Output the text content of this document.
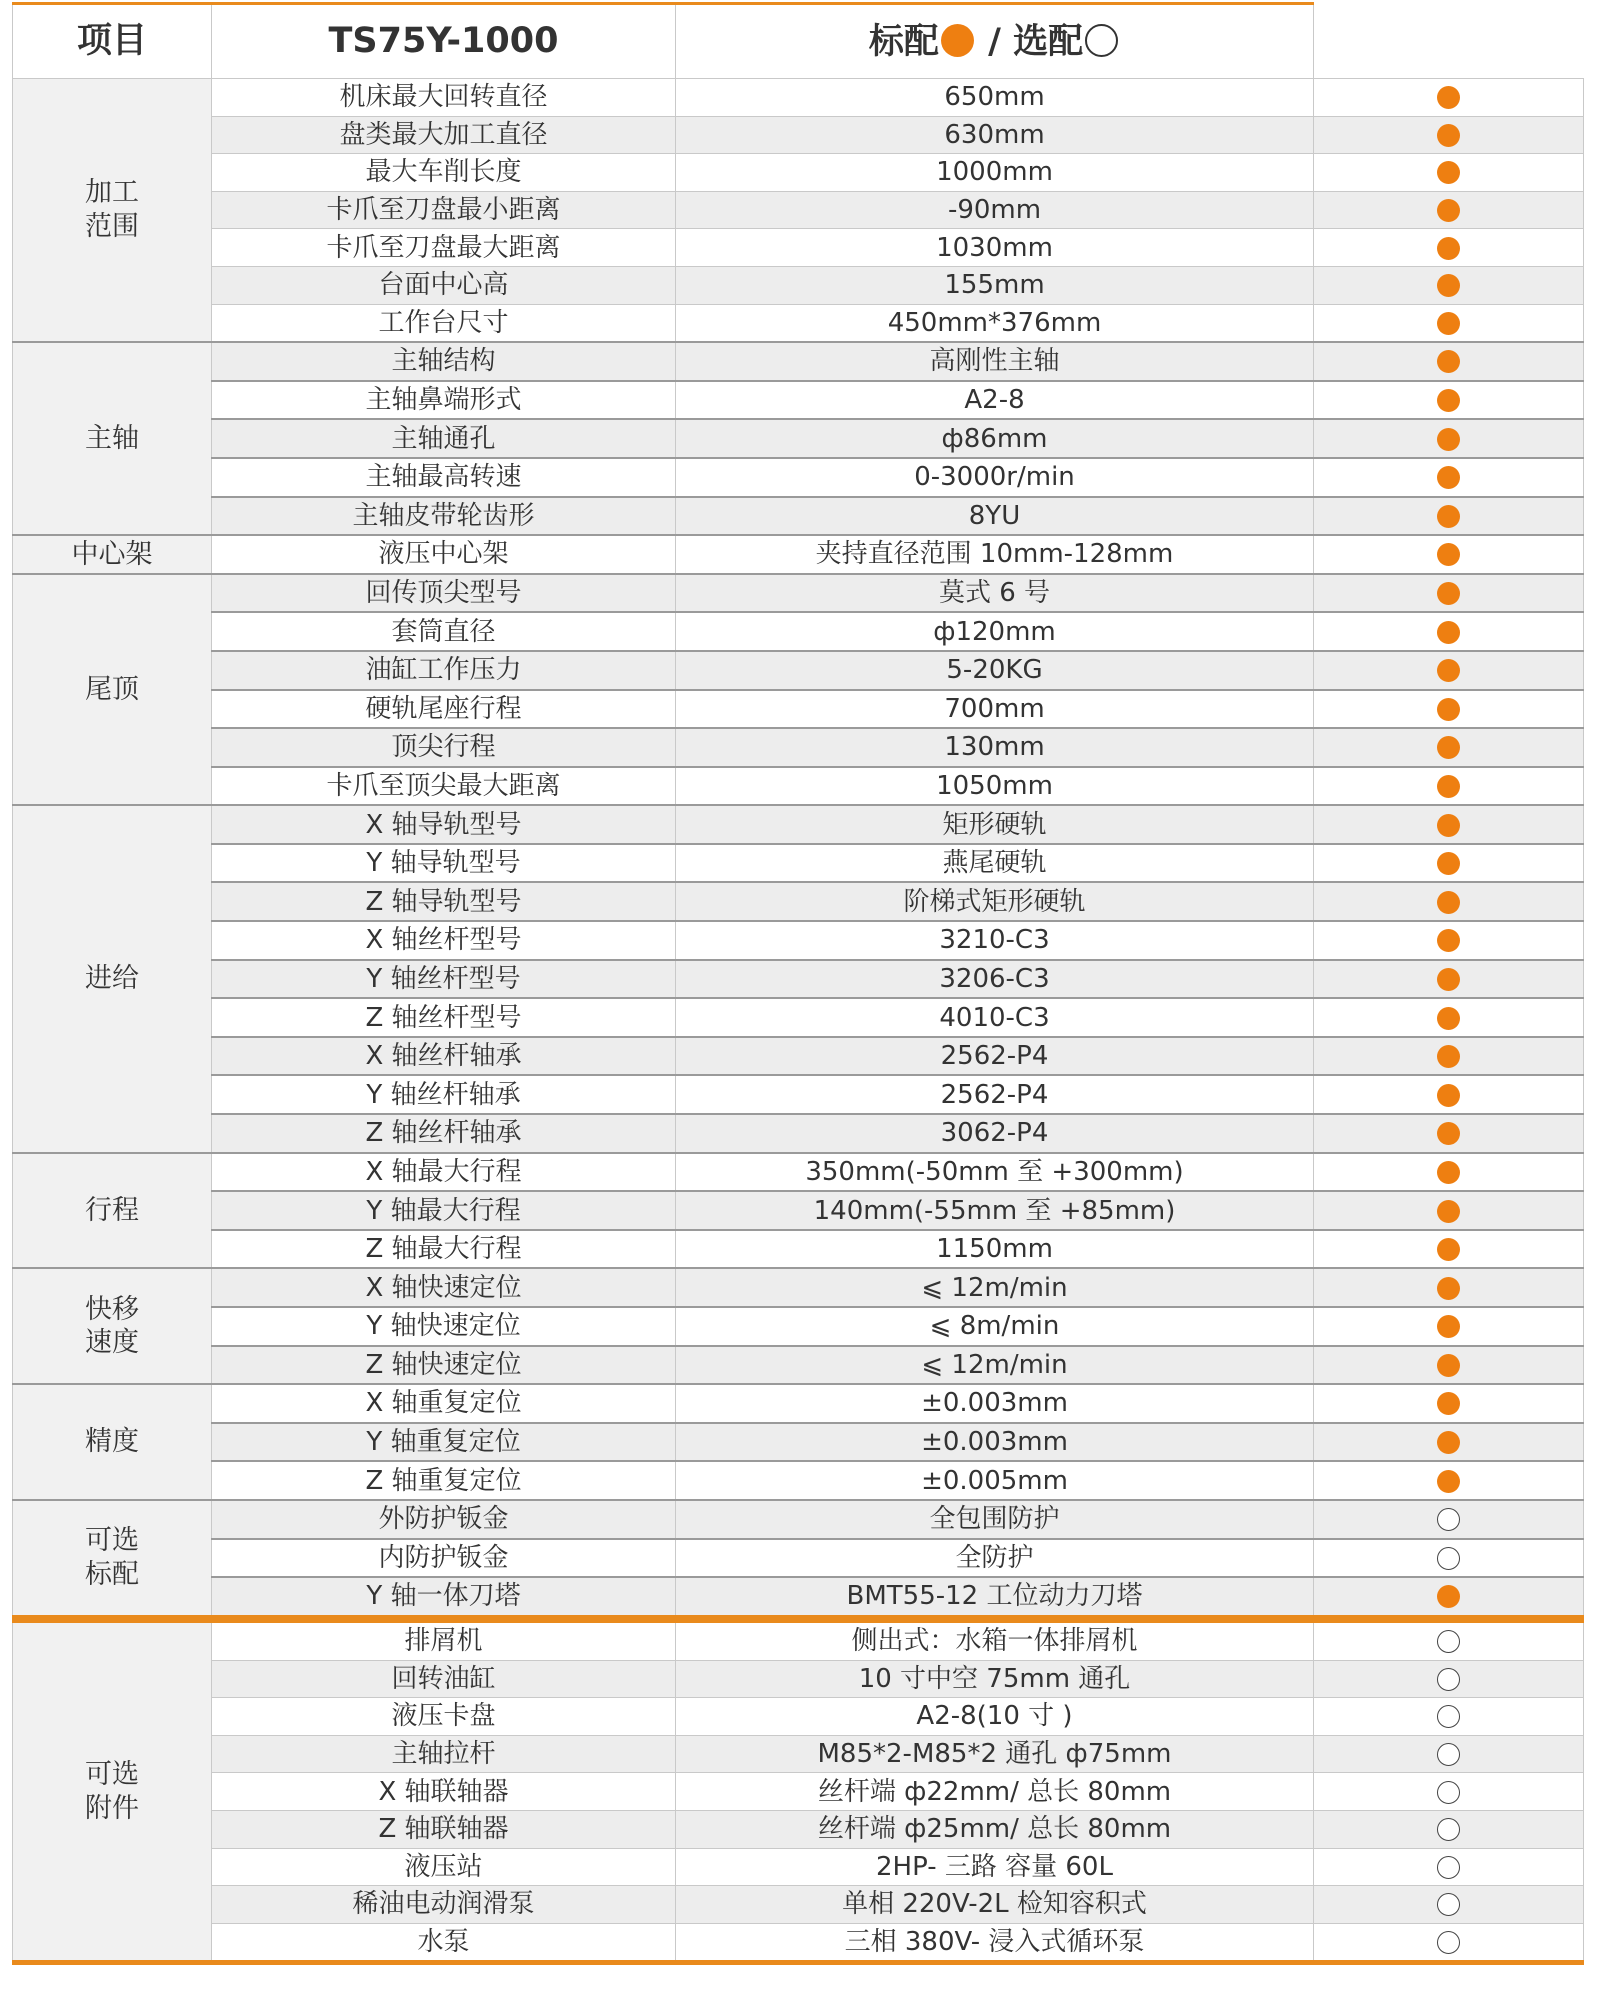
项目	TS75Y-1000	标配 / 选配	
加工
范围	机床最大回转直径	650mm	
	盘类最大加工直径	630mm	
	最大车削长度	1000mm	
	卡爪至刀盘最小距离	-90mm	
	卡爪至刀盘最大距离	1030mm	
	台面中心高	155mm	
	工作台尺寸	450mm*376mm	
主轴	主轴结构	高刚性主轴	
	主轴鼻端形式	A2-8	
	主轴通孔	ф86mm	
	主轴最高转速	0-3000r/min	
	主轴皮带轮齿形	8YU	
中心架	液压中心架	夹持直径范围 10mm-128mm	
尾顶	回传顶尖型号	莫式 6 号	
	套筒直径	ф120mm	
	油缸工作压力	5-20KG	
	硬轨尾座行程	700mm	
	顶尖行程	130mm	
	卡爪至顶尖最大距离	1050mm	
进给	X 轴导轨型号	矩形硬轨	
	Y 轴导轨型号	燕尾硬轨	
	Z 轴导轨型号	阶梯式矩形硬轨	
	X 轴丝杆型号	3210-C3	
	Y 轴丝杆型号	3206-C3	
	Z 轴丝杆型号	4010-C3	
	X 轴丝杆轴承	2562-P4	
	Y 轴丝杆轴承	2562-P4	
	Z 轴丝杆轴承	3062-P4	
行程	X 轴最大行程	350mm(-50mm 至 +300mm)	
	Y 轴最大行程	140mm(-55mm 至 +85mm)	
	Z 轴最大行程	1150mm	
快移
速度	X 轴快速定位	⩽ 12m/min	
	Y 轴快速定位	⩽ 8m/min	
	Z 轴快速定位	⩽ 12m/min	
精度	X 轴重复定位	±0.003mm	
	Y 轴重复定位	±0.003mm	
	Z 轴重复定位	±0.005mm	
可选
标配	外防护钣金	全包围防护	
	内防护钣金	全防护	
	Y 轴一体刀塔	BMT55-12 工位动力刀塔	
可选
附件	排屑机	侧出式：水箱一体排屑机	
	回转油缸	10 寸中空 75mm 通孔	
	液压卡盘	A2-8(10 寸 )	
	主轴拉杆	M85*2-M85*2 通孔 ф75mm	
	X 轴联轴器	丝杆端 ф22mm/ 总长 80mm	
	Z 轴联轴器	丝杆端 ф25mm/ 总长 80mm	
	液压站	2HP- 三路 容量 60L	
	稀油电动润滑泵	单相 220V-2L 检知容积式	
	水泵	三相 380V- 浸入式循环泵	
